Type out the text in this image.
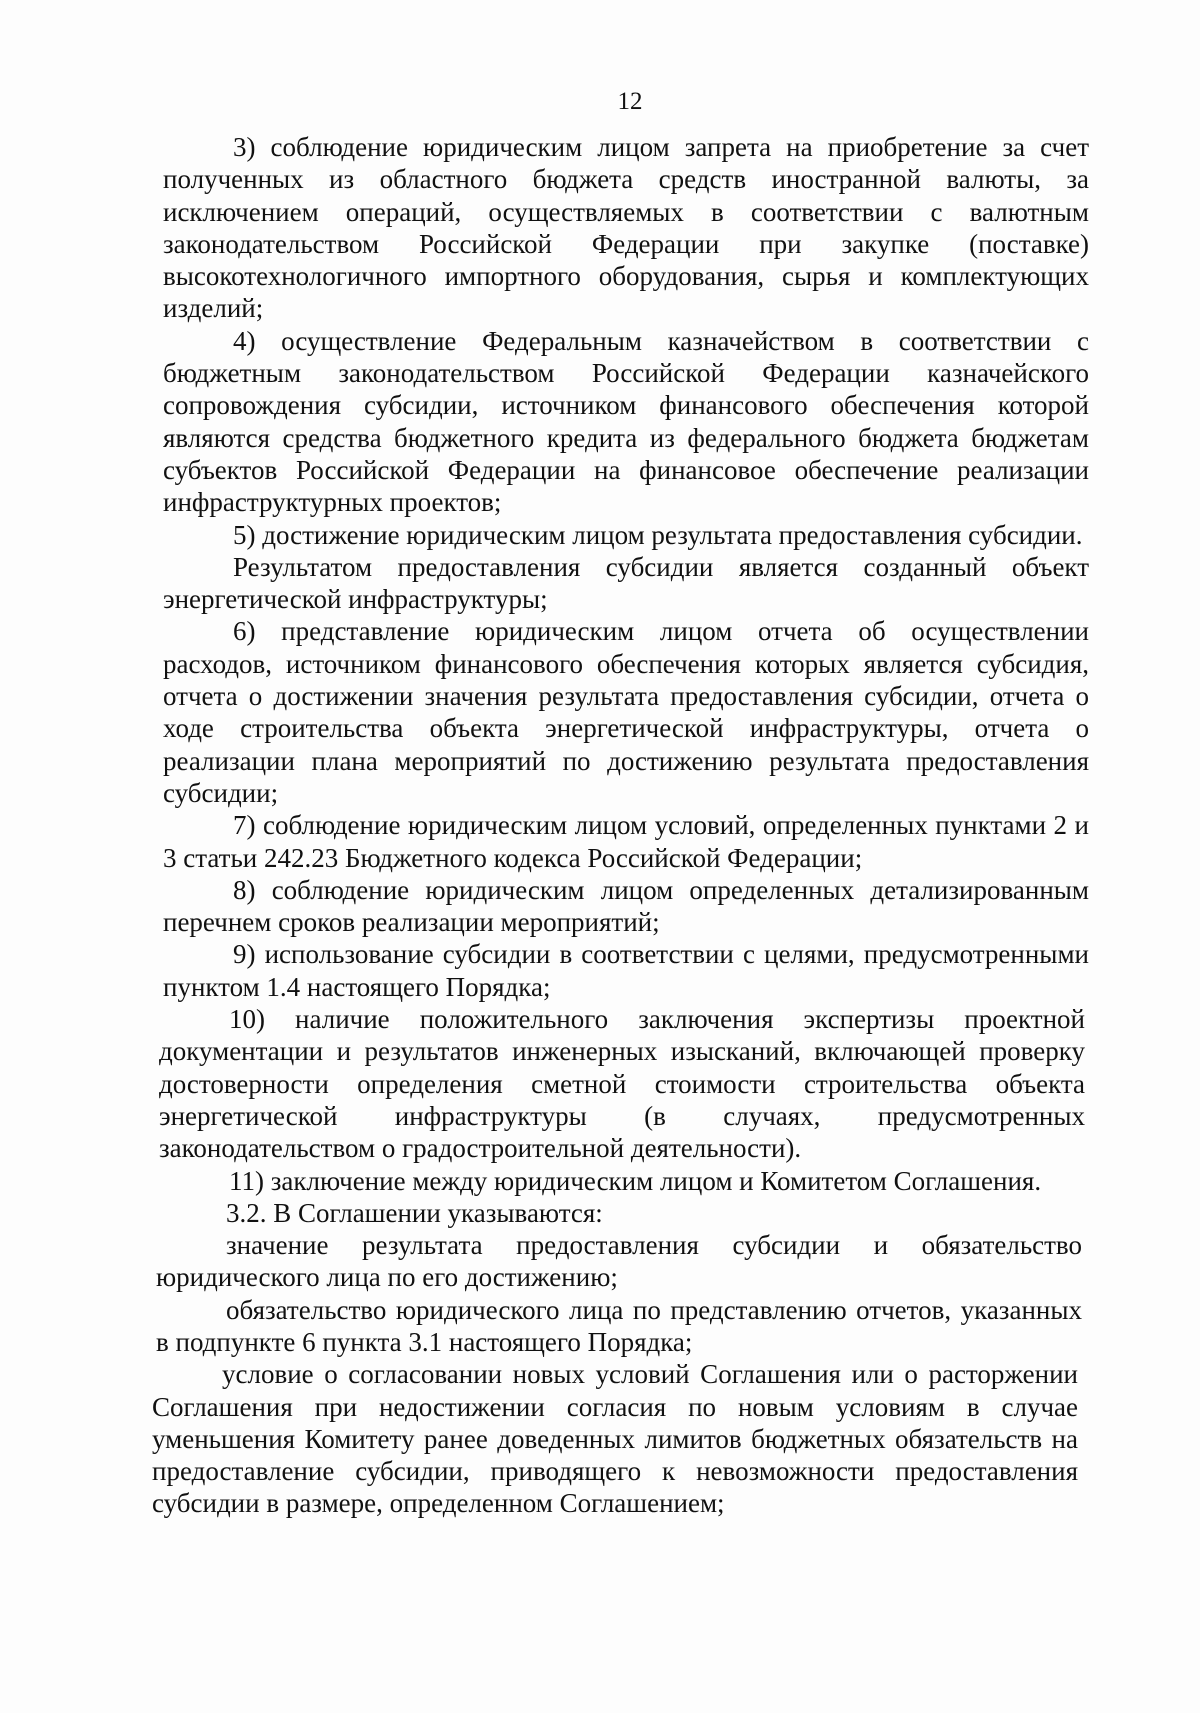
12

3) соблюдение юридическим лицом запрета на приобретение за счет полученных из областного бюджета средств иностранной валюты, за исключением операций, осуществляемых в соответствии с валютным законодательством Российской Федерации при закупке (поставке) высокотехнологичного импортного оборудования, сырья и комплектующих изделий;

4) осуществление Федеральным казначейством в соответствии с бюджетным законодательством Российской Федерации казначейского сопровождения субсидии, источником финансового обеспечения которой являются средства бюджетного кредита из федерального бюджета бюджетам субъектов Российской Федерации на финансовое обеспечение реализации инфраструктурных проектов;

5) достижение юридическим лицом результата предоставления субсидии.

Результатом предоставления субсидии является созданный объект энергетической инфраструктуры;

6) представление юридическим лицом отчета об осуществлении расходов, источником финансового обеспечения которых является субсидия, отчета о достижении значения результата предоставления субсидии, отчета о ходе строительства объекта энергетической инфраструктуры, отчета о реализации плана мероприятий по достижению результата предоставления субсидии;

7) соблюдение юридическим лицом условий, определенных пунктами 2 и 3 статьи 242.23 Бюджетного кодекса Российской Федерации;

8) соблюдение юридическим лицом определенных детализированным перечнем сроков реализации мероприятий;

9) использование субсидии в соответствии с целями, предусмотренными пунктом 1.4 настоящего Порядка;

10) наличие положительного заключения экспертизы проектной документации и результатов инженерных изысканий, включающей проверку достоверности определения сметной стоимости строительства объекта энергетической инфраструктуры (в случаях, предусмотренных законодательством о градостроительной деятельности).

11) заключение между юридическим лицом и Комитетом Соглашения.

3.2. В Соглашении указываются:

значение результата предоставления субсидии и обязательство юридического лица по его достижению;

обязательство юридического лица по представлению отчетов, указанных в подпункте 6 пункта 3.1 настоящего Порядка;

условие о согласовании новых условий Соглашения или о расторжении Соглашения при недостижении согласия по новым условиям в случае уменьшения Комитету ранее доведенных лимитов бюджетных обязательств на предоставление субсидии, приводящего к невозможности предоставления субсидии в размере, определенном Соглашением;
